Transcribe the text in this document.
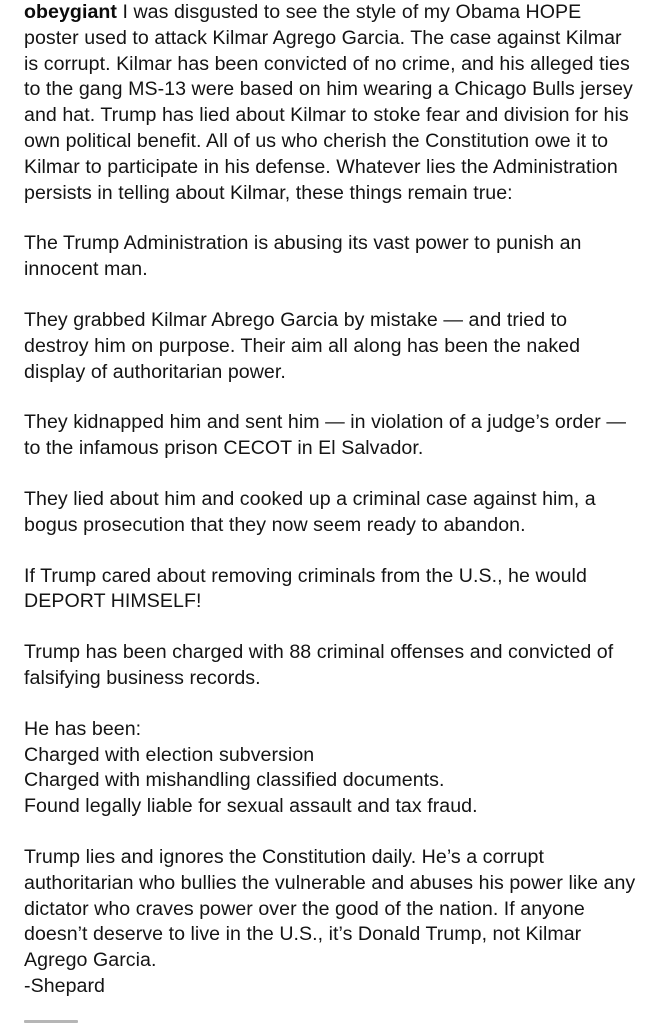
obeygiant I was disgusted to see the style of my Obama HOPE poster used to attack Kilmar Agrego Garcia. The case against Kilmar is corrupt. Kilmar has been convicted of no crime, and his alleged ties to the gang MS-13 were based on him wearing a Chicago Bulls jersey and hat. Trump has lied about Kilmar to stoke fear and division for his own political benefit. All of us who cherish the Constitution owe it to Kilmar to participate in his defense. Whatever lies the Administration persists in telling about Kilmar, these things remain true:
The Trump Administration is abusing its vast power to punish an innocent man.
They grabbed Kilmar Abrego Garcia by mistake — and tried to destroy him on purpose. Their aim all along has been the naked display of authoritarian power.
They kidnapped him and sent him — in violation of a judge’s order — to the infamous prison CECOT in El Salvador.
They lied about him and cooked up a criminal case against him, a bogus prosecution that they now seem ready to abandon.
If Trump cared about removing criminals from the U.S., he would DEPORT HIMSELF!
Trump has been charged with 88 criminal offenses and convicted of falsifying business records.
He has been:
Charged with election subversion
Charged with mishandling classified documents.
Found legally liable for sexual assault and tax fraud.
Trump lies and ignores the Constitution daily. He’s a corrupt authoritarian who bullies the vulnerable and abuses his power like any dictator who craves power over the good of the nation. If anyone doesn’t deserve to live in the U.S., it’s Donald Trump, not Kilmar Agrego Garcia.
-Shepard
